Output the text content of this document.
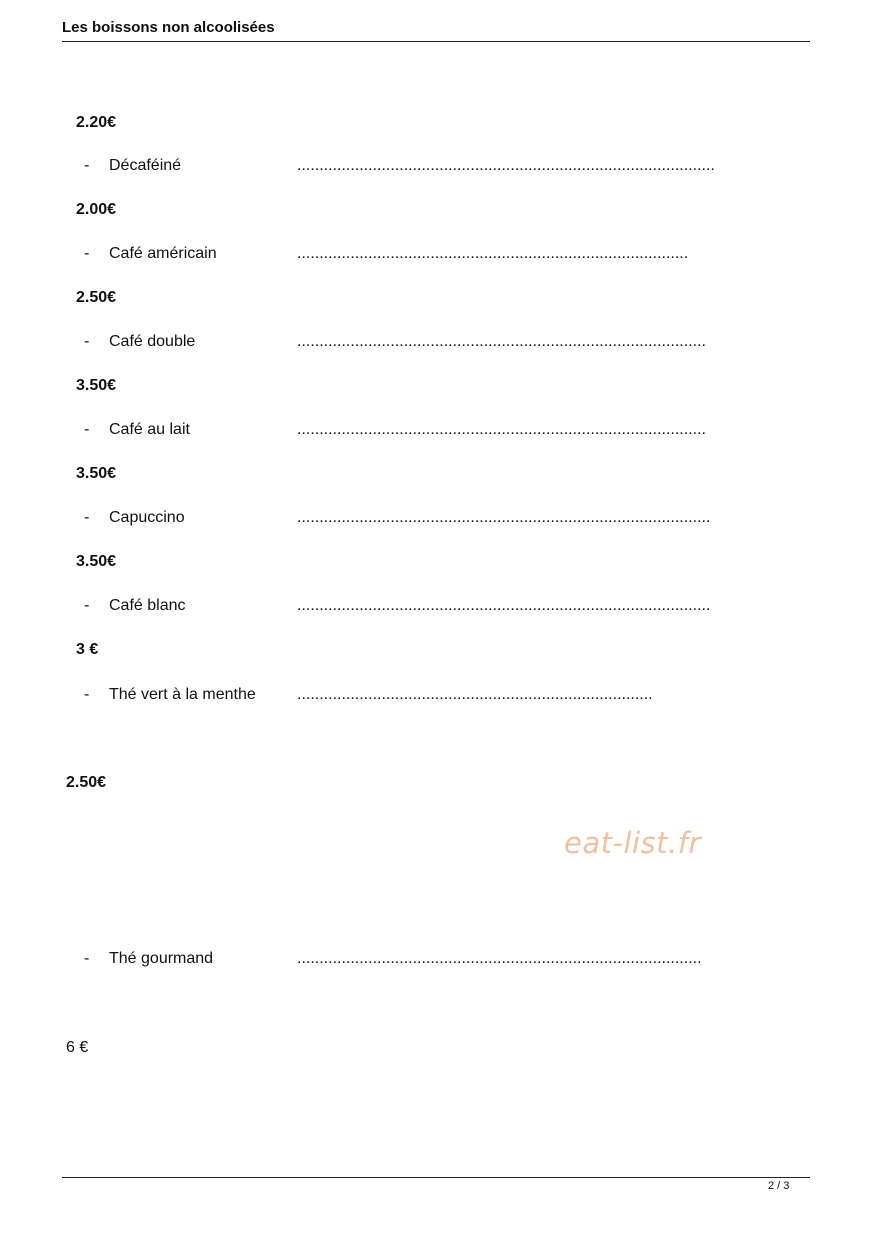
Les boissons non alcoolisées
2.20€
- Décaféiné	..............................................................................................
2.00€
- Café américain	........................................................................................
2.50€
- Café double	............................................................................................
3.50€
- Café au lait	............................................................................................
3.50€
- Capuccino	.............................................................................................
3.50€
- Café blanc	.............................................................................................
3 €
- Thé vert à la menthe	................................................................................
2.50€
eat-list.fr
- Thé gourmand	...........................................................................................
6 €
2 / 3
